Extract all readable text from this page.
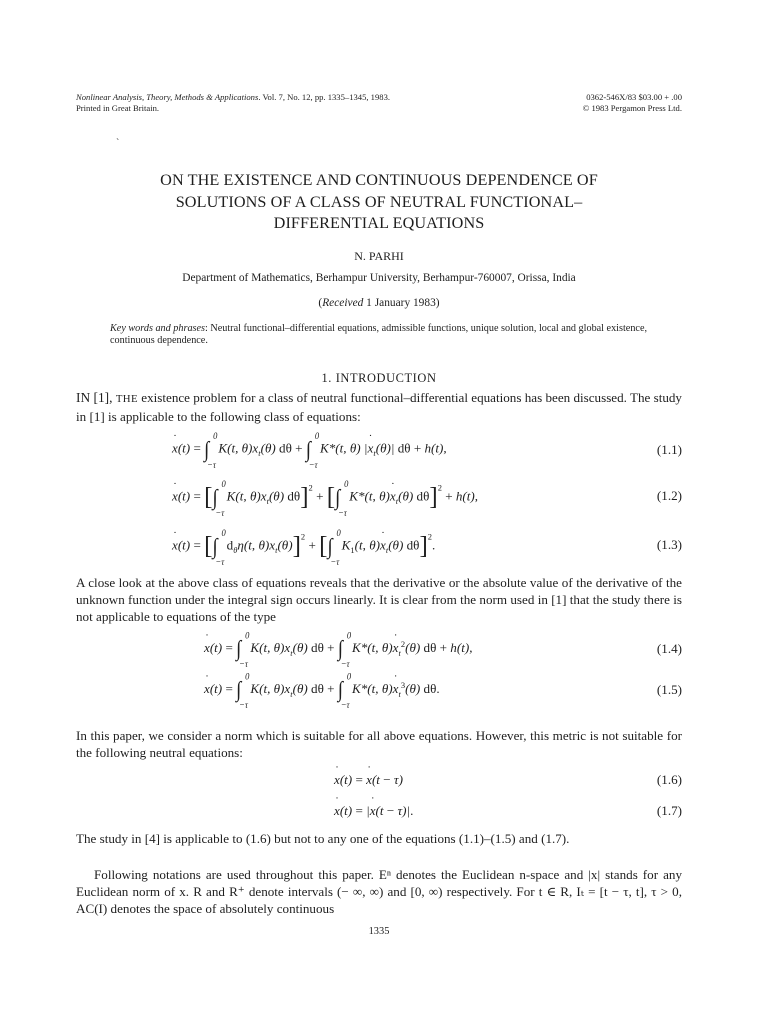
Nonlinear Analysis, Theory, Methods & Applications. Vol. 7, No. 12, pp. 1335–1345, 1983.
Printed in Great Britain.
0362-546X/83 $03.00 + .00
© 1983 Pergamon Press Ltd.
`
ON THE EXISTENCE AND CONTINUOUS DEPENDENCE OF
SOLUTIONS OF A CLASS OF NEUTRAL FUNCTIONAL–
DIFFERENTIAL EQUATIONS
N. PARHI
Department of Mathematics, Berhampur University, Berhampur-760007, Orissa, India
(Received 1 January 1983)
Key words and phrases: Neutral functional–differential equations, admissible functions, unique solution, local and global existence, continuous dependence.
1. INTRODUCTION
IN [1], THE existence problem for a class of neutral functional–differential equations has been discussed. The study in [1] is applicable to the following class of equations:
˙ x(t) = ∫
0
−τ
K(t, $\theta)x_t(\theta)$ dθ + ∫
0
−τ
K*(t, θ) |˙ $x_t(\theta)|$ dθ + h(t),	(1.1)
˙ x(t) = [∫
0
−τ
K(t, $\theta)x_t(\theta)$ dθ]$^2$ + [∫
0
−τ
K*(t, θ)˙ $x_t(\theta) d\theta]^2 + h(t)$,	(1.2)
˙ x(t) = [∫
0
−τ
$d_\theta\eta(t$, $\theta)x_t(\theta)]^2$ + [∫
0
−τ
$K_1(t$, θ)˙ $x_t(\theta)$ dθ]$^2$.	(1.3)
A close look at the above class of equations reveals that the derivative or the absolute value of the derivative of the unknown function under the integral sign occurs linearly. It is clear from the norm used in [1] that the study there is not applicable to equations of the type
˙ x(t) = ∫
0
−τ
K(t, $\theta)x_t(\theta)$ dθ + ∫
0
−τ
K*(t, θ)˙ $x_t^2(\theta) d\theta + h(t)$,	(1.4)
˙ x(t) = ∫
0
−τ
K(t, $\theta)x_t(\theta)$ dθ + ∫
0
−τ
K*(t, θ)˙ $x_t^3(\theta)$ dθ.	(1.5)
In this paper, we consider a norm which is suitable for all above equations. However, this metric is not suitable for the following neutral equations:
˙ x(t) = ˙ x(t − τ)	(1.6)
˙ x(t) = |˙ x(t − τ)|.	(1.7)
The study in [4] is applicable to (1.6) but not to any one of the equations (1.1)–(1.5) and (1.7).
Following notations are used throughout this paper. Eⁿ denotes the Euclidean n-space and |x| stands for any Euclidean norm of x. R and R⁺ denote intervals (− ∞, ∞) and [0, ∞) respectively. For t ∈ R, Iₜ = [t − τ, t], τ > 0, AC(I) denotes the space of absolutely continuous
1335
